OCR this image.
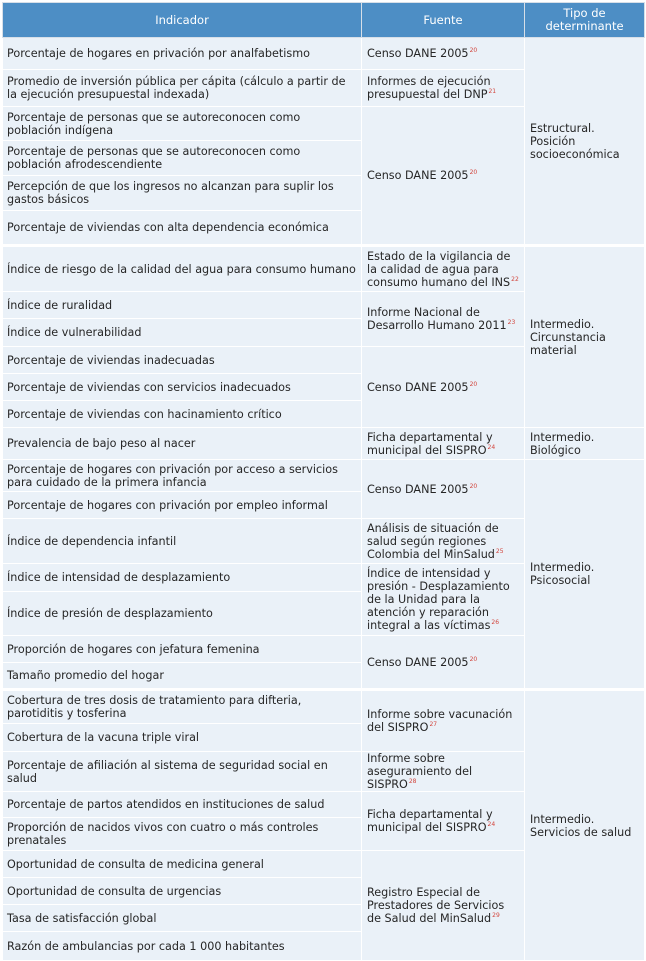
Indicador	Fuente	Tipo de determinante
Porcentaje de hogares en privación por analfabetismo	Censo DANE 2005$^{20}$	Estructural. Posición socioeconómica
Promedio de inversión pública per cápita (cálculo a partir de la ejecución presupuestal indexada)	Informes de ejecución presupuestal del DNP$^{21}$
Porcentaje de personas que se autoreconocen como población indígena	Censo DANE 2005$^{20}$
Porcentaje de personas que se autoreconocen como población afrodescendiente		
Percepción de que los ingresos no alcanzan para suplir los gastos básicos		
Porcentaje de viviendas con alta dependencia económica		
Índice de riesgo de la calidad del agua para consumo humano	Estado de la vigilancia de la calidad de agua para consumo humano del INS$^{22}$	Intermedio. Circunstancia material
Índice de ruralidad	Informe Nacional de Desarrollo Humano 2011$^{23}$
Índice de vulnerabilidad		
Porcentaje de viviendas inadecuadas	Censo DANE 2005$^{20}$
Porcentaje de viviendas con servicios inadecuados		
Porcentaje de viviendas con hacinamiento crítico		
Prevalencia de bajo peso al nacer	Ficha departamental y municipal del SISPRO$^{24}$	Intermedio. Biológico
Porcentaje de hogares con privación por acceso a servicios para cuidado de la primera infancia	Censo DANE 2005$^{20}$	Intermedio. Psicosocial
Porcentaje de hogares con privación por empleo informal		
Índice de dependencia infantil	Análisis de situación de salud según regiones Colombia del MinSalud$^{25}$
Índice de intensidad de desplazamiento	Índice de intensidad y presión - Desplazamiento de la Unidad para la atención y reparación integral a las víctimas$^{26}$
Índice de presión de desplazamiento		
Proporción de hogares con jefatura femenina	Censo DANE 2005$^{20}$
Tamaño promedio del hogar		
Cobertura de tres dosis de tratamiento para difteria, parotiditis y tosferina	Informe sobre vacunación del SISPRO$^{27}$	Intermedio. Servicios de salud
Cobertura de la vacuna triple viral		
Porcentaje de afiliación al sistema de seguridad social en salud	Informe sobre aseguramiento del SISPRO$^{28}$
Porcentaje de partos atendidos en instituciones de salud	Ficha departamental y municipal del SISPRO$^{24}$
Proporción de nacidos vivos con cuatro o más controles prenatales		
Oportunidad de consulta de medicina general	Registro Especial de Prestadores de Servicios de Salud del MinSalud$^{29}$
Oportunidad de consulta de urgencias		
Tasa de satisfacción global		
Razón de ambulancias por cada 1 000 habitantes		
